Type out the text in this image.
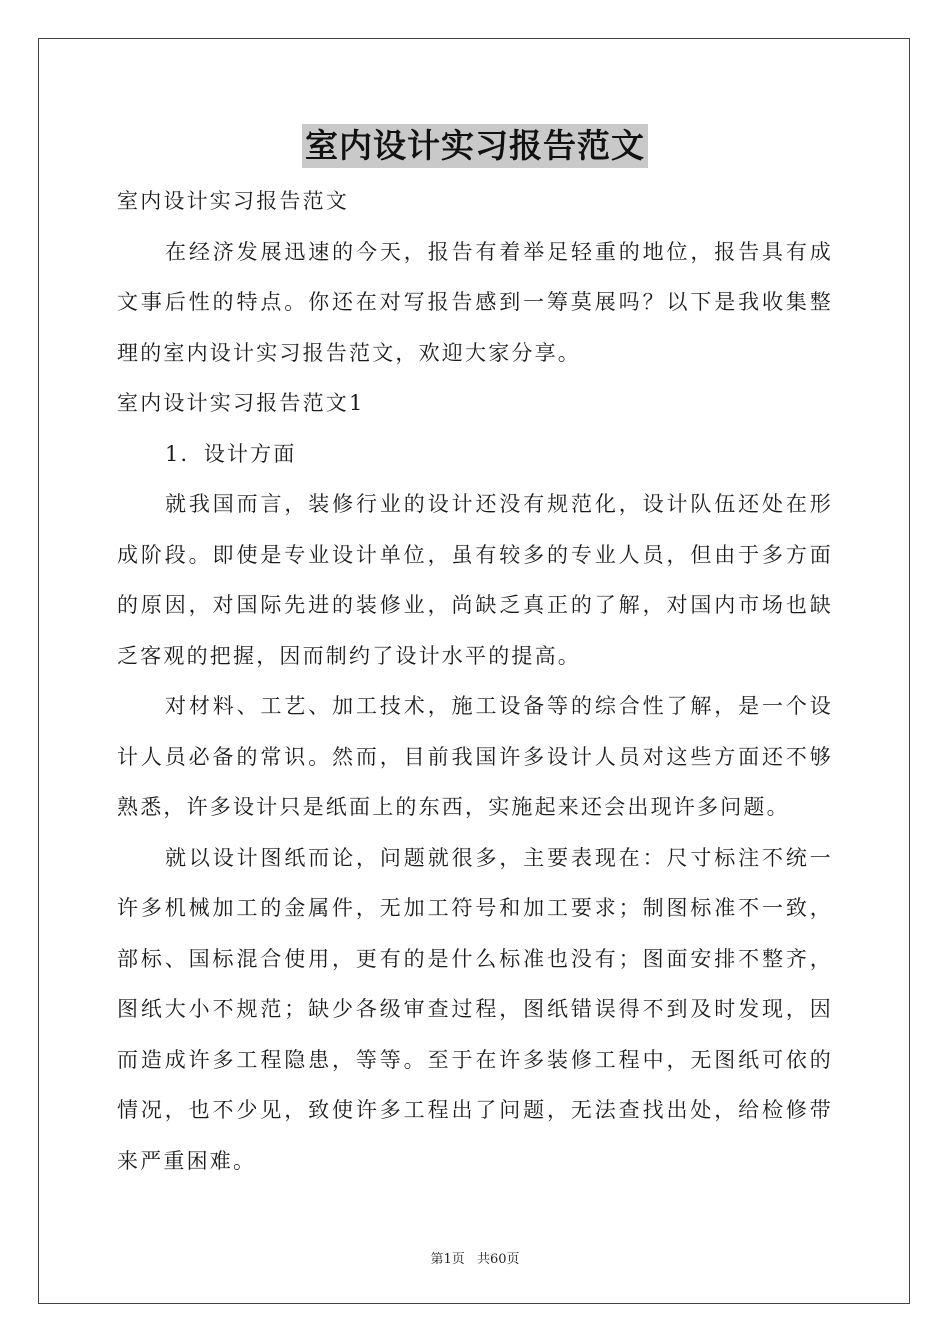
室内设计实习报告范文

室内设计实习报告范文

在经济发展迅速的今天，报告有着举足轻重的地位，报告具有成文事后性的特点。你还在对写报告感到一筹莫展吗？以下是我收集整理的室内设计实习报告范文，欢迎大家分享。

室内设计实习报告范文1

1．设计方面

就我国而言，装修行业的设计还没有规范化，设计队伍还处在形成阶段。即使是专业设计单位，虽有较多的专业人员，但由于多方面的原因，对国际先进的装修业，尚缺乏真正的了解，对国内市场也缺乏客观的把握，因而制约了设计水平的提高。

对材料、工艺、加工技术，施工设备等的综合性了解，是一个设计人员必备的常识。然而，目前我国许多设计人员对这些方面还不够熟悉，许多设计只是纸面上的东西，实施起来还会出现许多问题。

就以设计图纸而论，问题就很多，主要表现在：尺寸标注不统一许多机械加工的金属件，无加工符号和加工要求；制图标准不一致，部标、国标混合使用，更有的是什么标准也没有；图面安排不整齐，图纸大小不规范；缺少各级审查过程，图纸错误得不到及时发现，因而造成许多工程隐患，等等。至于在许多装修工程中，无图纸可依的情况，也不少见，致使许多工程出了问题，无法查找出处，给检修带来严重困难。

第1页 共60页
